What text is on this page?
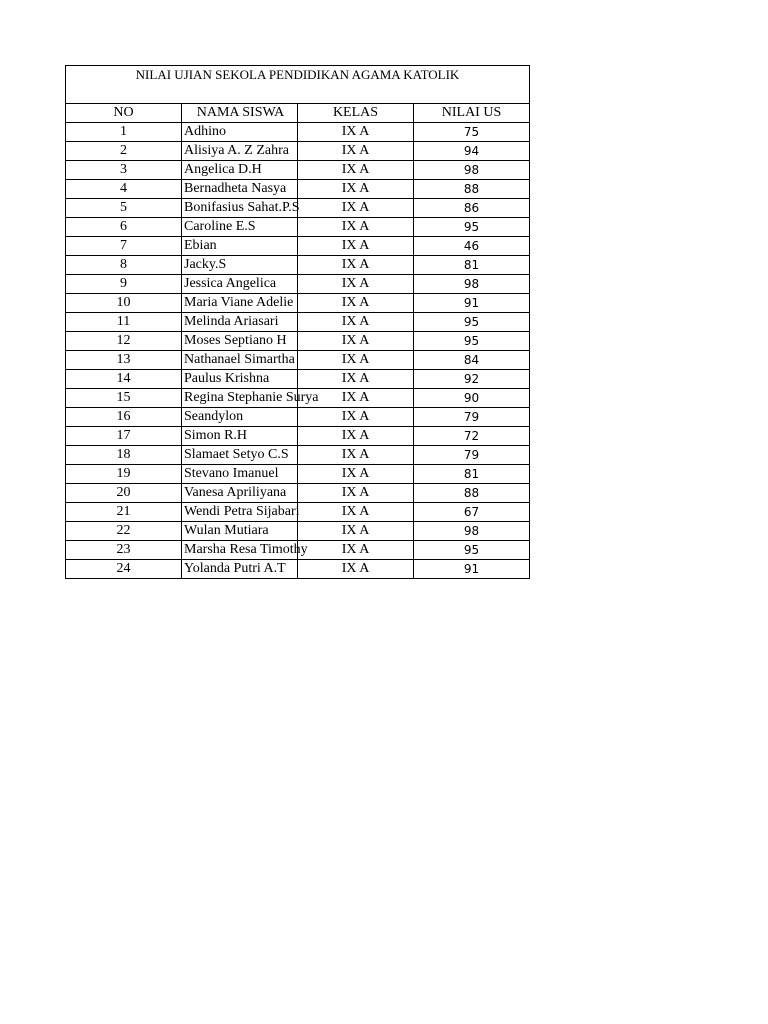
NILAI UJIAN SEKOLA PENDIDIKAN AGAMA KATOLIK			
NO	NAMA SISWA	KELAS	NILAI US
1	Adhino	IX A	75
2	Alisiya A. Z Zahra	IX A	94
3	Angelica D.H	IX A	98
4	Bernadheta Nasya	IX A	88
5	Bonifasius Sahat.P.S	IX A	86
6	Caroline E.S	IX A	95
7	Ebian	IX A	46
8	Jacky.S	IX A	81
9	Jessica Angelica	IX A	98
10	Maria Viane Adelie	IX A	91
11	Melinda Ariasari	IX A	95
12	Moses Septiano H	IX A	95
13	Nathanael Simartha	IX A	84
14	Paulus Krishna	IX A	92
15	Regina Stephanie Surya	IX A	90
16	Seandylon	IX A	79
17	Simon R.H	IX A	72
18	Slamaet Setyo C.S	IX A	79
19	Stevano Imanuel	IX A	81
20	Vanesa Apriliyana	IX A	88
21	Wendi Petra Sijabari	IX A	67
22	Wulan Mutiara	IX A	98
23	Marsha Resa Timothy	IX A	95
24	Yolanda Putri A.T	IX A	91
